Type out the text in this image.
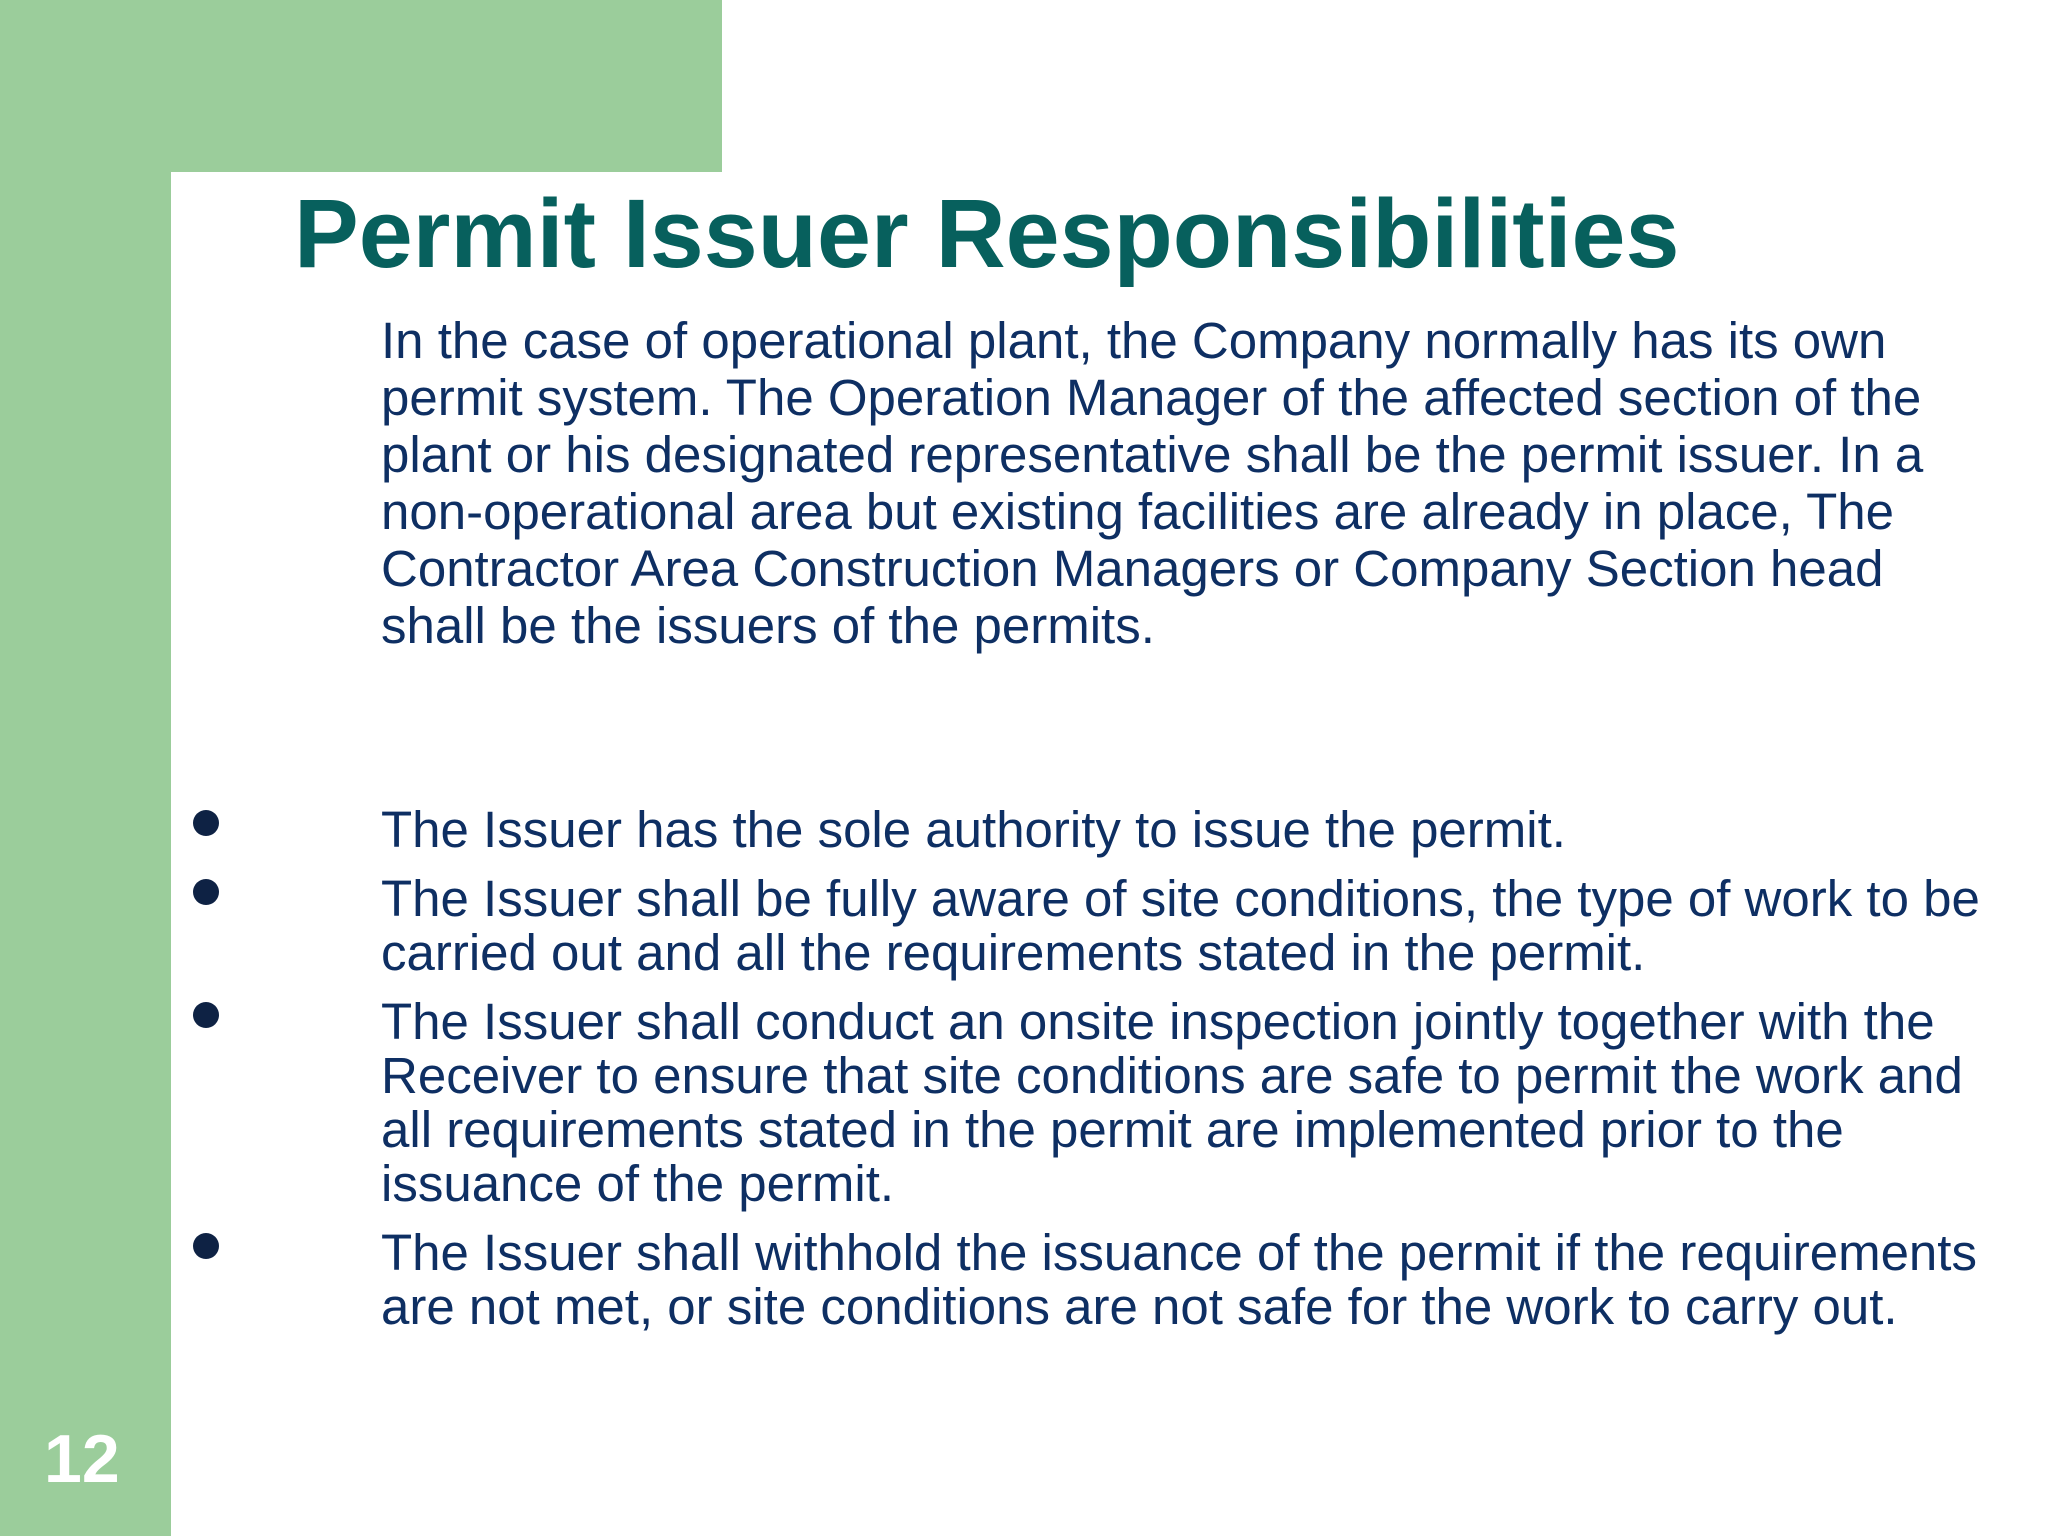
12
Permit Issuer Responsibilities

In the case of operational plant, the Company normally has its own permit system. The Operation Manager of the affected section of the plant or his designated representative shall be the permit issuer. In a non-operational area but existing facilities are already in place, The Contractor Area Construction Managers or Company Section head shall be the issuers of the permits.

The Issuer has the sole authority to issue the permit.
The Issuer shall be fully aware of site conditions, the type of work to be carried out and all the requirements stated in the permit.
The Issuer shall conduct an onsite inspection jointly together with the Receiver to ensure that site conditions are safe to permit the work and all requirements stated in the permit are implemented prior to the issuance of the permit.
The Issuer shall withhold the issuance of the permit if the requirements are not met, or site conditions are not safe for the work to carry out.
